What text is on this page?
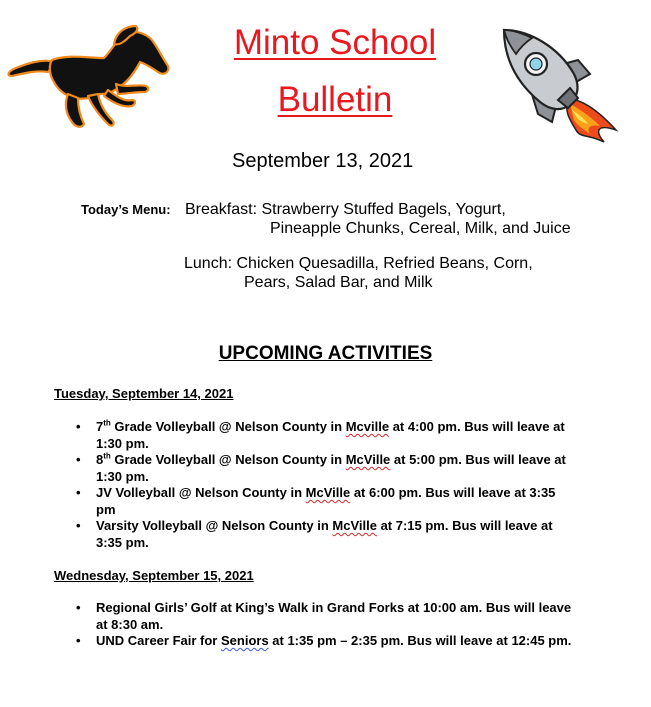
Minto School
Bulletin
September 13, 2021
Today’s Menu: Breakfast: Strawberry Stuffed Bagels, Yogurt,
Pineapple Chunks, Cereal, Milk, and Juice
Lunch: Chicken Quesadilla, Refried Beans, Corn,
Pears, Salad Bar, and Milk
UPCOMING ACTIVITIES
Tuesday, September 14, 2021
• 7th Grade Volleyball @ Nelson County in Mcville at 4:00 pm. Bus will leave at 1:30 pm.
• 8th Grade Volleyball @ Nelson County in McVille at 5:00 pm. Bus will leave at 1:30 pm.
• JV Volleyball @ Nelson County in McVille at 6:00 pm. Bus will leave at 3:35 pm
• Varsity Volleyball @ Nelson County in McVille at 7:15 pm. Bus will leave at 3:35 pm.
Wednesday, September 15, 2021
• Regional Girls’ Golf at King’s Walk in Grand Forks at 10:00 am. Bus will leave at 8:30 am.
• UND Career Fair for Seniors at 1:35 pm – 2:35 pm. Bus will leave at 12:45 pm.
